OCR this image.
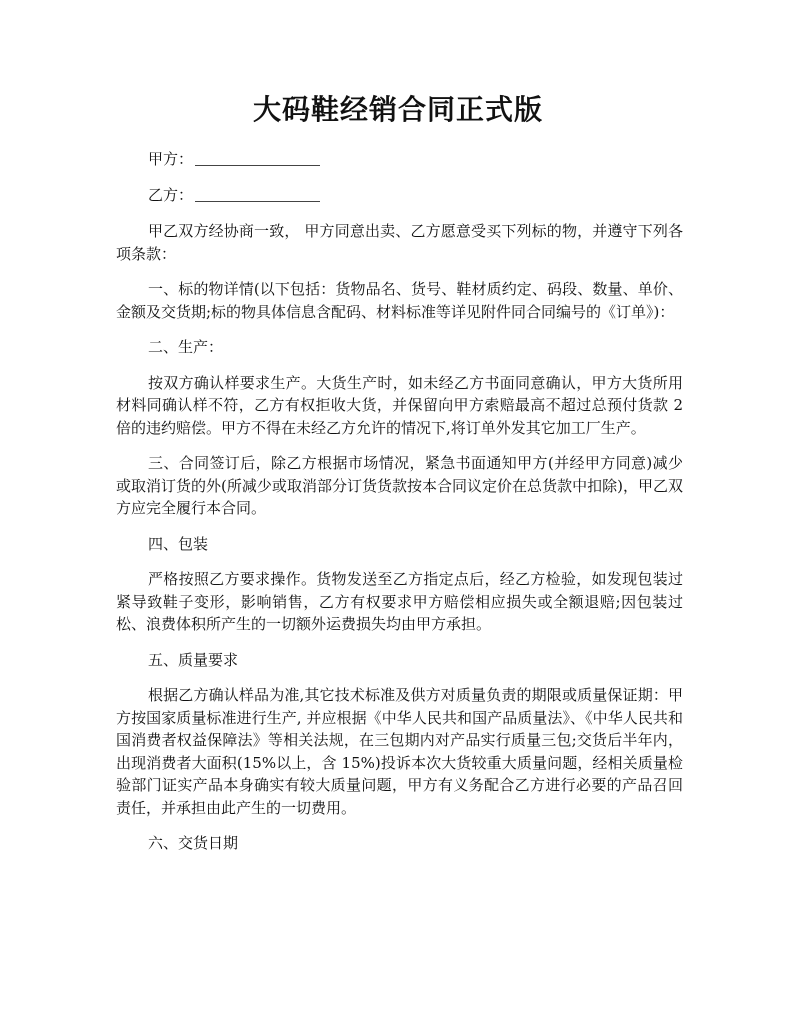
大码鞋经销合同正式版

甲方：

乙方：

甲乙双方经协商一致， 甲方同意出卖、乙方愿意受买下列标的物，并遵守下列各项条款：

一、标的物详情(以下包括：货物品名、货号、鞋材质约定、码段、数量、单价、金额及交货期;标的物具体信息含配码、材料标准等详见附件同合同编号的《订单》)：

二、生产：

按双方确认样要求生产。大货生产时，如未经乙方书面同意确认，甲方大货所用材料同确认样不符，乙方有权拒收大货，并保留向甲方索赔最高不超过总预付货款 2 倍的违约赔偿。甲方不得在未经乙方允许的情况下,将订单外发其它加工厂生产。

三、合同签订后，除乙方根据市场情况，紧急书面通知甲方(并经甲方同意)减少或取消订货的外(所减少或取消部分订货货款按本合同议定价在总货款中扣除)，甲乙双方应完全履行本合同。

四、包装

严格按照乙方要求操作。货物发送至乙方指定点后，经乙方检验，如发现包装过紧导致鞋子变形，影响销售，乙方有权要求甲方赔偿相应损失或全额退赔;因包装过松、浪费体积所产生的一切额外运费损失均由甲方承担。

五、质量要求

根据乙方确认样品为准,其它技术标准及供方对质量负责的期限或质量保证期：甲方按国家质量标准进行生产, 并应根据《中华人民共和国产品质量法》、《中华人民共和国消费者权益保障法》等相关法规，在三包期内对产品实行质量三包;交货后半年内，出现消费者大面积(15%以上，含 15%)投诉本次大货较重大质量问题，经相关质量检验部门证实产品本身确实有较大质量问题，甲方有义务配合乙方进行必要的产品召回责任，并承担由此产生的一切费用。

六、交货日期
